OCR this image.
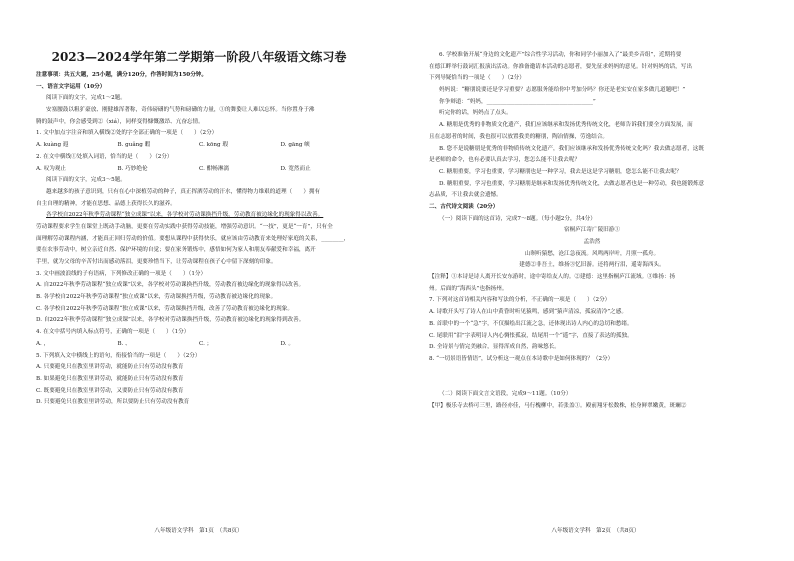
2023—2024学年第二学期第一阶段八年级语文练习卷
注意事项：共五大题，25小题，满分120分，作答时间为150分钟。
一、语言文字运用（10分）
阅读下面的文字，完成1～2题。
安塞腰鼓以粗犷豪放、刚健雄浑著称，奇伟磅礴的气势和磅礴的力量，①的舞姿让人难以忘怀。当你置身于沸
腾的鼓声中，你会感受到②（xiá），同样变得慷慨激昂、亢奋忘情。
1. 文中加点字注音和填入横线②处的字全部正确的一项是（　　）（2分）
A. kuàng 遐	B. guǎng 暇	C. kōng 瑕	D. gāng 峡
2. 在文中横线①处填入词语，恰当的是（　　）（2分）
A. 叹为观止	B. 巧妙绝伦	C. 酣畅淋漓	D. 宽然而止
阅读下面的文字，完成3～5题。
越来越多的孩子意识到，只有在心中深植劳动的种子，真正挥洒劳动的汗水，懂得物力维艰的道理（　　）拥有
自主自理的精神，才能在思想、品德上获得长久的滋养。
各学校自2022年秋季劳动课程“独立成课”以来，各学校对劳动课换挡升级，劳动教育被边缘化的现象得以改善。
劳动课程要求学生在课堂上既动手动脑，更要在劳动实践中获得劳动技能，增强劳动意识。“一技”，更是“一育”，只有全
面理解劳动课程内涵，才能真正回归劳动的价值。要想从课程中获得快乐，就应该由劳动教育来处理好家庭的关系，________，
要在农事劳动中，树立亲近自然、保护环境的自觉；要在家务锻炼中，感悟如何为家人和朋友奉献爱和幸福，离开
手里，就为父母的辛苦付出而感动落泪，更要珍惜当下，让劳动课程在孩子心中留下深刻的印象。
3. 文中画波浪线的子有语病，下列修改正确的一项是（　　）（1分）
A. 自2022年秋季劳动课程“独立成课”以来，各学校对劳动课换挡升级，劳动教育被边缘化的现象得以改善。
B. 各学校自2022年秋季劳动课程“独立成课”以来，劳动课换挡升级，劳动教育被边缘化的现象。
C. 各学校自2022年秋季劳动课程“独立成课”以来，劳动课换挡升级，改善了劳动教育被边缘化的现象。
D. 自2022年秋季劳动课程“独立成课”以来，各学校对劳动课换挡升级，劳动教育被边缘化的现象得到改善。
4. 在文中括号内填入标点符号，正确的一项是（　　）（1分）
A. ，	B. 、	C. ；	D. 。
5. 下列填入文中横线上的语句，衔接恰当的一项是（　　）（2分）
A. 只要避免只在教室里讲劳动，就能防止只有劳动没有教育
B. 如果避免只在教室里讲劳动，就能防止只有劳动没有教育
C. 既要避免只在教室里讲劳动，又要防止只有劳动没有教育
D. 只要避免只在教室里讲劳动，所以要防止只有劳动没有教育
八年级语文学科　第1页　（共8页）
6. 学校准备开展“身边的文化遗产”综合性学习活动，你和同学小丽加入了“最美乡音组”，近期将要
在德江畔举行鼓词汇报演出活动。你准备邀请本活动的志愿者，要先征求妈妈的意见。针对妈妈的话，写出
下列导疑恰当的一项是（　　）（2分）
妈妈说：“糖朋说要还是学习重要？志愿服务能给你中考加分吗？你还是老实安在家多做几道题吧！”
你争辩道：“妈妈，______________________________________”
听完你的话，妈妈点了点头。
A. 糖朋是优秀的非物质文化遗产，我们应该继承和发扬优秀传统文化，老师告诉我们要全方面发展，而
且在志愿者的时间，我也很可以放置我美的糖朋，陶冶情操，劳逸结合。
B. 您不是说糖朋是优秀的非物质传统文化遗产，我们应该继承和发扬优秀传统文化吗？我去做志愿者，这既
是老师的命令，也有必要认真去学习，您怎么能不让我去呢？
C. 糖朋重要，学习也重要，学习糖朋也是一种学习，我去是这是学习糖朋，您怎么能不让我去呢？
D. 糖朋重要，学习也重要，学习糖朋是继承和发扬优秀传统文化，去做志愿者也是一种劳动，我也能锻炼意
志品质，不让我去就会遗憾。
二、古代诗文阅读（20分）
（一）阅读下面的这首诗，完成7～8题。（每小题2分，共4分）
宿桐庐江寄广陵旧游①
孟浩然
山暝听猿愁，沧江急夜流。风鸣两岸叶，月照一孤舟。
建德②非吾土，维扬③忆旧游。还将两行泪，遥寄海西头。
【注释】①本诗是诗人离开长安东游时，途中寄给友人的。②建德：这里指桐庐江流域。③维扬：扬
州。后面的“海西头”也指扬州。
7. 下列对这首诗相关内容和写法的分析，不正确的一项是（　　）（2分）
A. 诗歌开头写了诗人在山中黄昏时听见猿鸣，感到“猿声清凉，孤寂清冷”之感。
B. 首联中的一个“急”字，不仅描绘出江流之急，还体现出诗人内心的急切和愁绪。
C. 尾联用“泪”字表明诗人内心惆怅孤寂，结尾用一个“遥”字，直接了表达的孤独。
D. 全诗景与情完美融合，显得浑成自然，韵味悠长。
8. “一切景语皆情语”，试分析这一观点在本诗歌中是如何体现的？（2分）
（二）阅读下面文言文语段，完成9～11题。（10分）
【甲】极乐寺去桥可三里，路径亦佳，马行槐柳中，若张盖①。殿前翔牙松数株，松身鲜翠嫩黄，斑斓②
八年级语文学科　第2页　（共8页）
